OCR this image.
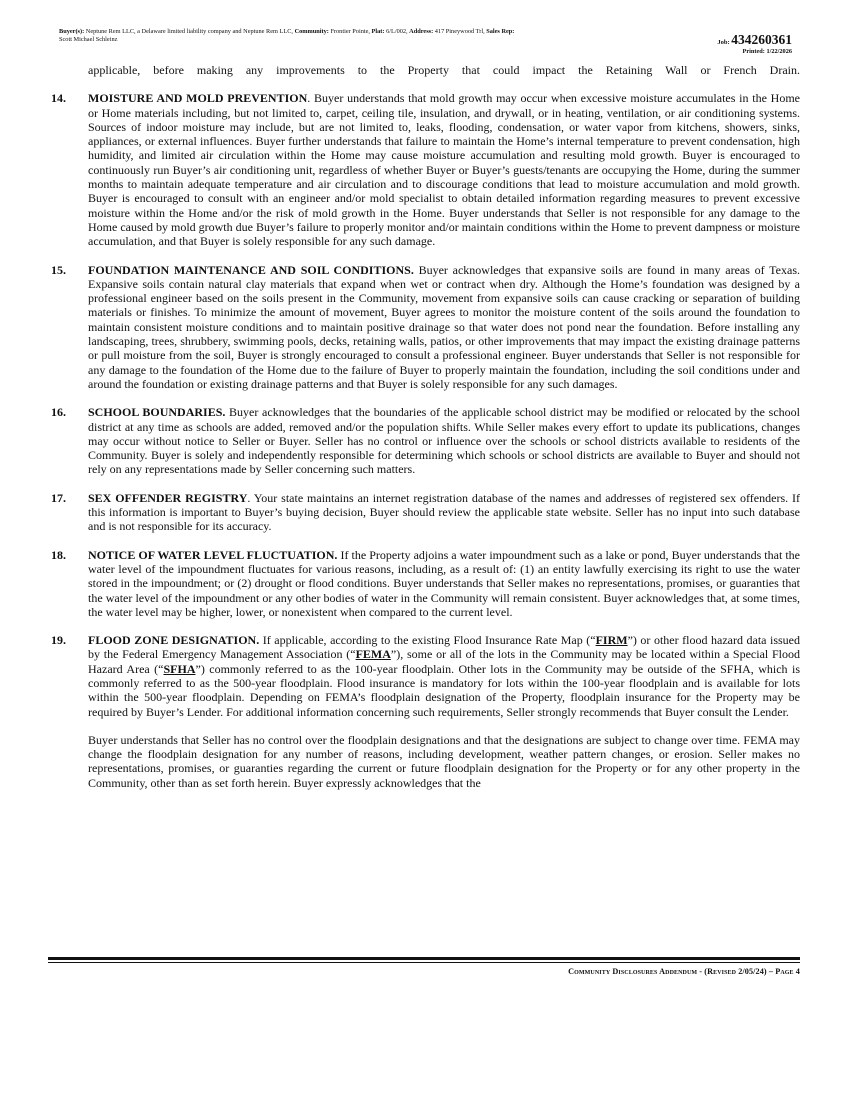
Buyer(s): Neptune Rem LLC, a Delaware limited liability company and Neptune Rem LLC, Community: Frontier Pointe, Plat: 6/L/002, Address: 417 Pineywood Trl, Sales Rep:
Scott Michael Schleinz	Job: 434260361
Printed: 1/22/2026

applicable, before making any improvements to the Property that could impact the Retaining Wall or French Drain.

14. MOISTURE AND MOLD PREVENTION. Buyer understands that mold growth may occur when excessive moisture accumulates in the Home or Home materials including, but not limited to, carpet, ceiling tile, insulation, and drywall, or in heating, ventilation, or air conditioning systems. Sources of indoor moisture may include, but are not limited to, leaks, flooding, condensation, or water vapor from kitchens, showers, sinks, appliances, or external influences. Buyer further understands that failure to maintain the Home’s internal temperature to prevent condensation, high humidity, and limited air circulation within the Home may cause moisture accumulation and resulting mold growth. Buyer is encouraged to continuously run Buyer’s air conditioning unit, regardless of whether Buyer or Buyer’s guests/tenants are occupying the Home, during the summer months to maintain adequate temperature and air circulation and to discourage conditions that lead to moisture accumulation and mold growth. Buyer is encouraged to consult with an engineer and/or mold specialist to obtain detailed information regarding measures to prevent excessive moisture within the Home and/or the risk of mold growth in the Home. Buyer understands that Seller is not responsible for any damage to the Home caused by mold growth due Buyer’s failure to properly monitor and/or maintain conditions within the Home to prevent dampness or moisture accumulation, and that Buyer is solely responsible for any such damage.
15. FOUNDATION MAINTENANCE AND SOIL CONDITIONS. Buyer acknowledges that expansive soils are found in many areas of Texas. Expansive soils contain natural clay materials that expand when wet or contract when dry. Although the Home’s foundation was designed by a professional engineer based on the soils present in the Community, movement from expansive soils can cause cracking or separation of building materials or finishes. To minimize the amount of movement, Buyer agrees to monitor the moisture content of the soils around the foundation to maintain consistent moisture conditions and to maintain positive drainage so that water does not pond near the foundation. Before installing any landscaping, trees, shrubbery, swimming pools, decks, retaining walls, patios, or other improvements that may impact the existing drainage patterns or pull moisture from the soil, Buyer is strongly encouraged to consult a professional engineer. Buyer understands that Seller is not responsible for any damage to the foundation of the Home due to the failure of Buyer to properly maintain the foundation, including the soil conditions under and around the foundation or existing drainage patterns and that Buyer is solely responsible for any such damages.
16. SCHOOL BOUNDARIES. Buyer acknowledges that the boundaries of the applicable school district may be modified or relocated by the school district at any time as schools are added, removed and/or the population shifts. While Seller makes every effort to update its publications, changes may occur without notice to Seller or Buyer. Seller has no control or influence over the schools or school districts available to residents of the Community. Buyer is solely and independently responsible for determining which schools or school districts are available to Buyer and should not rely on any representations made by Seller concerning such matters.
17. SEX OFFENDER REGISTRY. Your state maintains an internet registration database of the names and addresses of registered sex offenders. If this information is important to Buyer’s buying decision, Buyer should review the applicable state website. Seller has no input into such database and is not responsible for its accuracy.
18. NOTICE OF WATER LEVEL FLUCTUATION. If the Property adjoins a water impoundment such as a lake or pond, Buyer understands that the water level of the impoundment fluctuates for various reasons, including, as a result of: (1) an entity lawfully exercising its right to use the water stored in the impoundment; or (2) drought or flood conditions. Buyer understands that Seller makes no representations, promises, or guaranties that the water level of the impoundment or any other bodies of water in the Community will remain consistent. Buyer acknowledges that, at some times, the water level may be higher, lower, or nonexistent when compared to the current level.
19. FLOOD ZONE DESIGNATION. If applicable, according to the existing Flood Insurance Rate Map (“FIRM”) or other flood hazard data issued by the Federal Emergency Management Association (“FEMA”), some or all of the lots in the Community may be located within a Special Flood Hazard Area (“SFHA”) commonly referred to as the 100-year floodplain. Other lots in the Community may be outside of the SFHA, which is commonly referred to as the 500-year floodplain. Flood insurance is mandatory for lots within the 100-year floodplain and is available for lots within the 500-year floodplain. Depending on FEMA’s floodplain designation of the Property, floodplain insurance for the Property may be required by Buyer’s Lender. For additional information concerning such requirements, Seller strongly recommends that Buyer consult the Lender.
Buyer understands that Seller has no control over the floodplain designations and that the designations are subject to change over time. FEMA may change the floodplain designation for any number of reasons, including development, weather pattern changes, or erosion. Seller makes no representations, promises, or guaranties regarding the current or future floodplain designation for the Property or for any other property in the Community, other than as set forth herein. Buyer expressly acknowledges that the
Community Disclosures Addendum - (Revised 2/05/24) – Page 4
